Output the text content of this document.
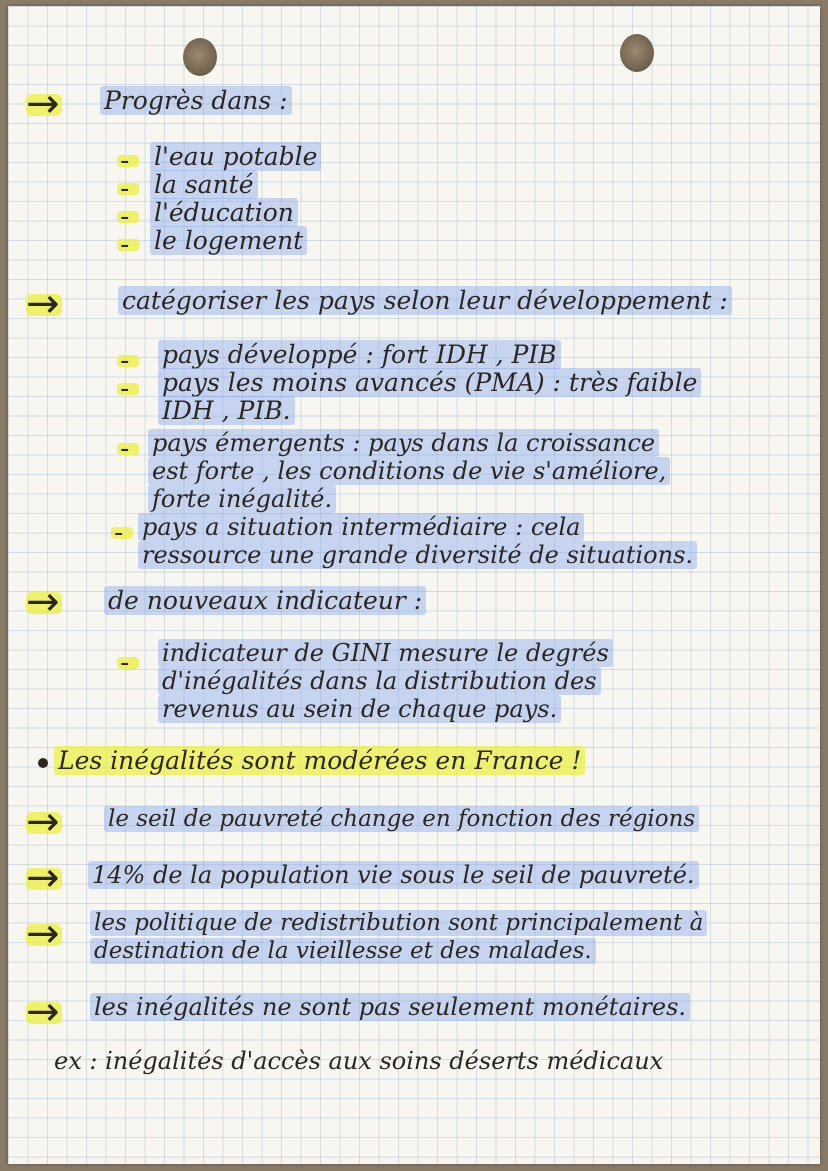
→ Progrès dans :
- l'eau potable
- la santé
- l'éducation
- le logement
→ catégoriser les pays selon leur développement :
- pays développé : fort IDH , PIB
- pays les moins avancés (PMA) : très faible
IDH , PIB.
- pays émergents : pays dans la croissance
est forte , les conditions de vie s'améliore,
forte inégalité.
- pays a situation intermédiaire : cela
ressource une grande diversité de situations.
→ de nouveaux indicateur :
- indicateur de GINI mesure le degrés
d'inégalités dans la distribution des
revenus au sein de chaque pays.
Les inégalités sont modérées en France !
→ le seil de pauvreté change en fonction des régions
→ 14% de la population vie sous le seil de pauvreté.
→ les politique de redistribution sont principalement à
destination de la vieillesse et des malades.
→ les inégalités ne sont pas seulement monétaires.
ex : inégalités d'accès aux soins déserts médicaux
